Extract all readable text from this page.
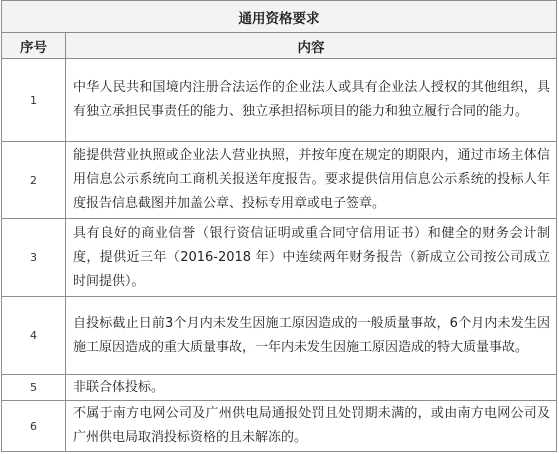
通用资格要求	
序号	内容
1	中华人民共和国境内注册合法运作的企业法人或具有企业法人授权的其他组织，具有独立承担民事责任的能力、独立承担招标项目的能力和独立履行合同的能力。
2	能提供营业执照或企业法人营业执照，并按年度在规定的期限内，通过市场主体信用信息公示系统向工商机关报送年度报告。要求提供信用信息公示系统的投标人年度报告信息截图并加盖公章、投标专用章或电子签章。
3	具有良好的商业信誉（银行资信证明或重合同守信用证书）和健全的财务会计制度，提供近三年（2016-2018 年）中连续两年财务报告（新成立公司按公司成立时间提供）。
4	自投标截止日前3个月内未发生因施工原因造成的一般质量事故，6个月内未发生因施工原因造成的重大质量事故，一年内未发生因施工原因造成的特大质量事故。
5	非联合体投标。
6	不属于南方电网公司及广州供电局通报处罚且处罚期未满的，或由南方电网公司及广州供电局取消投标资格的且未解冻的。
